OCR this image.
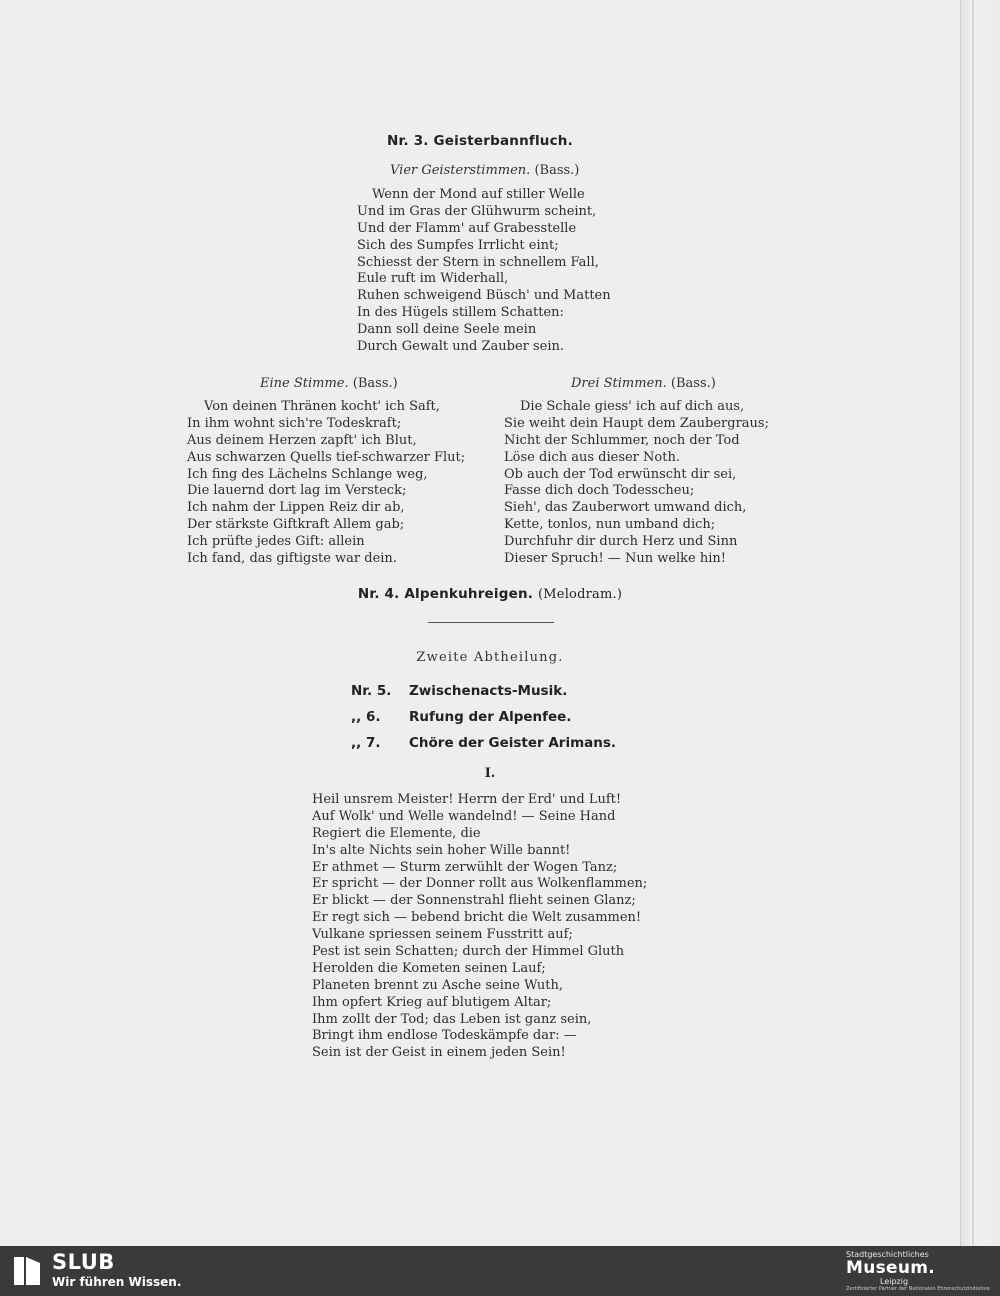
Nr. 3. Geisterbannfluch.
Vier Geisterstimmen. (Bass.)
Wenn der Mond auf stiller Welle
Und im Gras der Glühwurm scheint,
Und der Flamm' auf Grabesstelle
Sich des Sumpfes Irrlicht eint;
Schiesst der Stern in schnellem Fall,
Eule ruft im Widerhall,
Ruhen schweigend Büsch' und Matten
In des Hügels stillem Schatten:
Dann soll deine Seele mein
Durch Gewalt und Zauber sein.
Eine Stimme. (Bass.)
Von deinen Thränen kocht' ich Saft,
In ihm wohnt sich're Todeskraft;
Aus deinem Herzen zapft' ich Blut,
Aus schwarzen Quells tief-schwarzer Flut;
Ich fing des Lächelns Schlange weg,
Die lauernd dort lag im Versteck;
Ich nahm der Lippen Reiz dir ab,
Der stärkste Giftkraft Allem gab;
Ich prüfte jedes Gift: allein
Ich fand, das giftigste war dein.
Drei Stimmen. (Bass.)
Die Schale giess' ich auf dich aus,
Sie weiht dein Haupt dem Zaubergraus;
Nicht der Schlummer, noch der Tod
Löse dich aus dieser Noth.
Ob auch der Tod erwünscht dir sei,
Fasse dich doch Todesscheu;
Sieh', das Zauberwort umwand dich,
Kette, tonlos, nun umband dich;
Durchfuhr dir durch Herz und Sinn
Dieser Spruch! — Nun welke hin!
Nr. 4. Alpenkuhreigen. (Melodram.)
Zweite Abtheilung.
Nr. 5. Zwischenacts-Musik.
,, 6. Rufung der Alpenfee.
,, 7. Chöre der Geister Arimans.
I.
Heil unsrem Meister! Herrn der Erd' und Luft!
Auf Wolk' und Welle wandelnd! — Seine Hand
Regiert die Elemente, die
In's alte Nichts sein hoher Wille bannt!
Er athmet — Sturm zerwühlt der Wogen Tanz;
Er spricht — der Donner rollt aus Wolkenflammen;
Er blickt — der Sonnenstrahl flieht seinen Glanz;
Er regt sich — bebend bricht die Welt zusammen!
Vulkane spriessen seinem Fusstritt auf;
Pest ist sein Schatten; durch der Himmel Gluth
Herolden die Kometen seinen Lauf;
Planeten brennt zu Asche seine Wuth,
Ihm opfert Krieg auf blutigem Altar;
Ihm zollt der Tod; das Leben ist ganz sein,
Bringt ihm endlose Todeskämpfe dar: —
Sein ist der Geist in einem jeden Sein!
SLUB
Wir führen Wissen.
Stadtgeschichtliches
Museum.
Leipzig
Zertifizierter Partner der Nationalen Ehrenschutzinitiative
